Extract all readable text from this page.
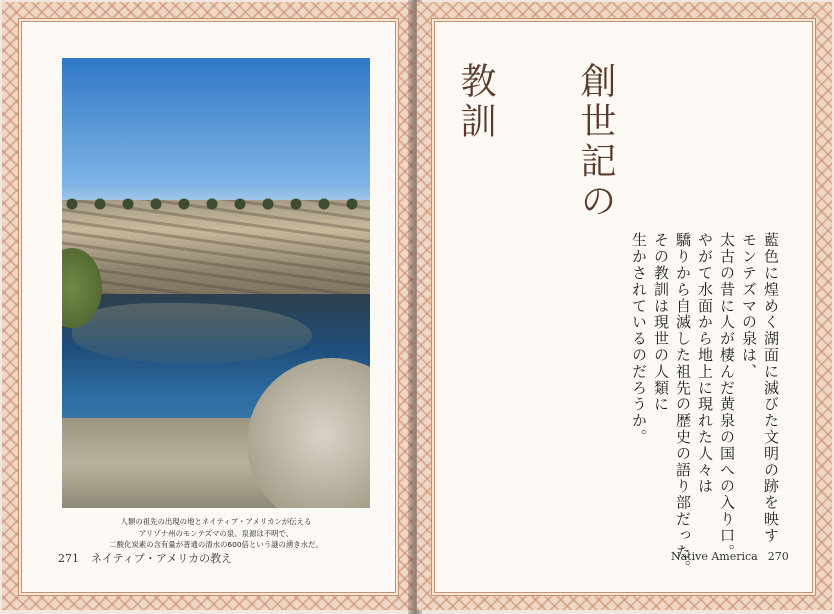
人類の祖先の出現の地とネイティブ・アメリカンが伝える
アリゾナ州のモンテズマの泉。泉源は不明で、
二酸化炭素の含有量が普通の清水の600倍という謎の湧き水だ。
271 ネイティブ・アメリカの教え

創世記の

教訓

藍色に煌めく湖面に滅びた文明の跡を映す
モンテズマの泉は、
太古の昔に人が棲んだ黄泉の国への入り口。
やがて水面から地上に現れた人々は
驕りから自滅した祖先の歴史の語り部だった。
その教訓は現世の人類に
生かされているのだろうか。
Native America 270
